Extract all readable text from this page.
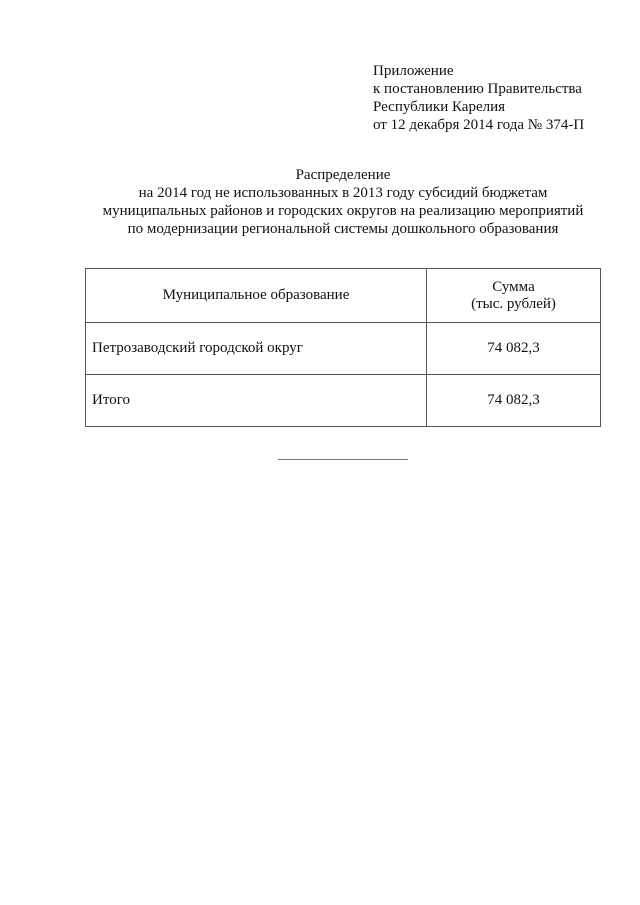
Приложение
к постановлению Правительства
Республики Карелия
от 12 декабря 2014 года № 374-П
Распределение
на 2014 год не использованных в 2013 году субсидий бюджетам
муниципальных районов и городских округов на реализацию мероприятий
по модернизации региональной системы дошкольного образования
Муниципальное образование	Сумма
(тыс. рублей)

Петрозаводский городской округ	74 082,3
Итого	74 082,3
